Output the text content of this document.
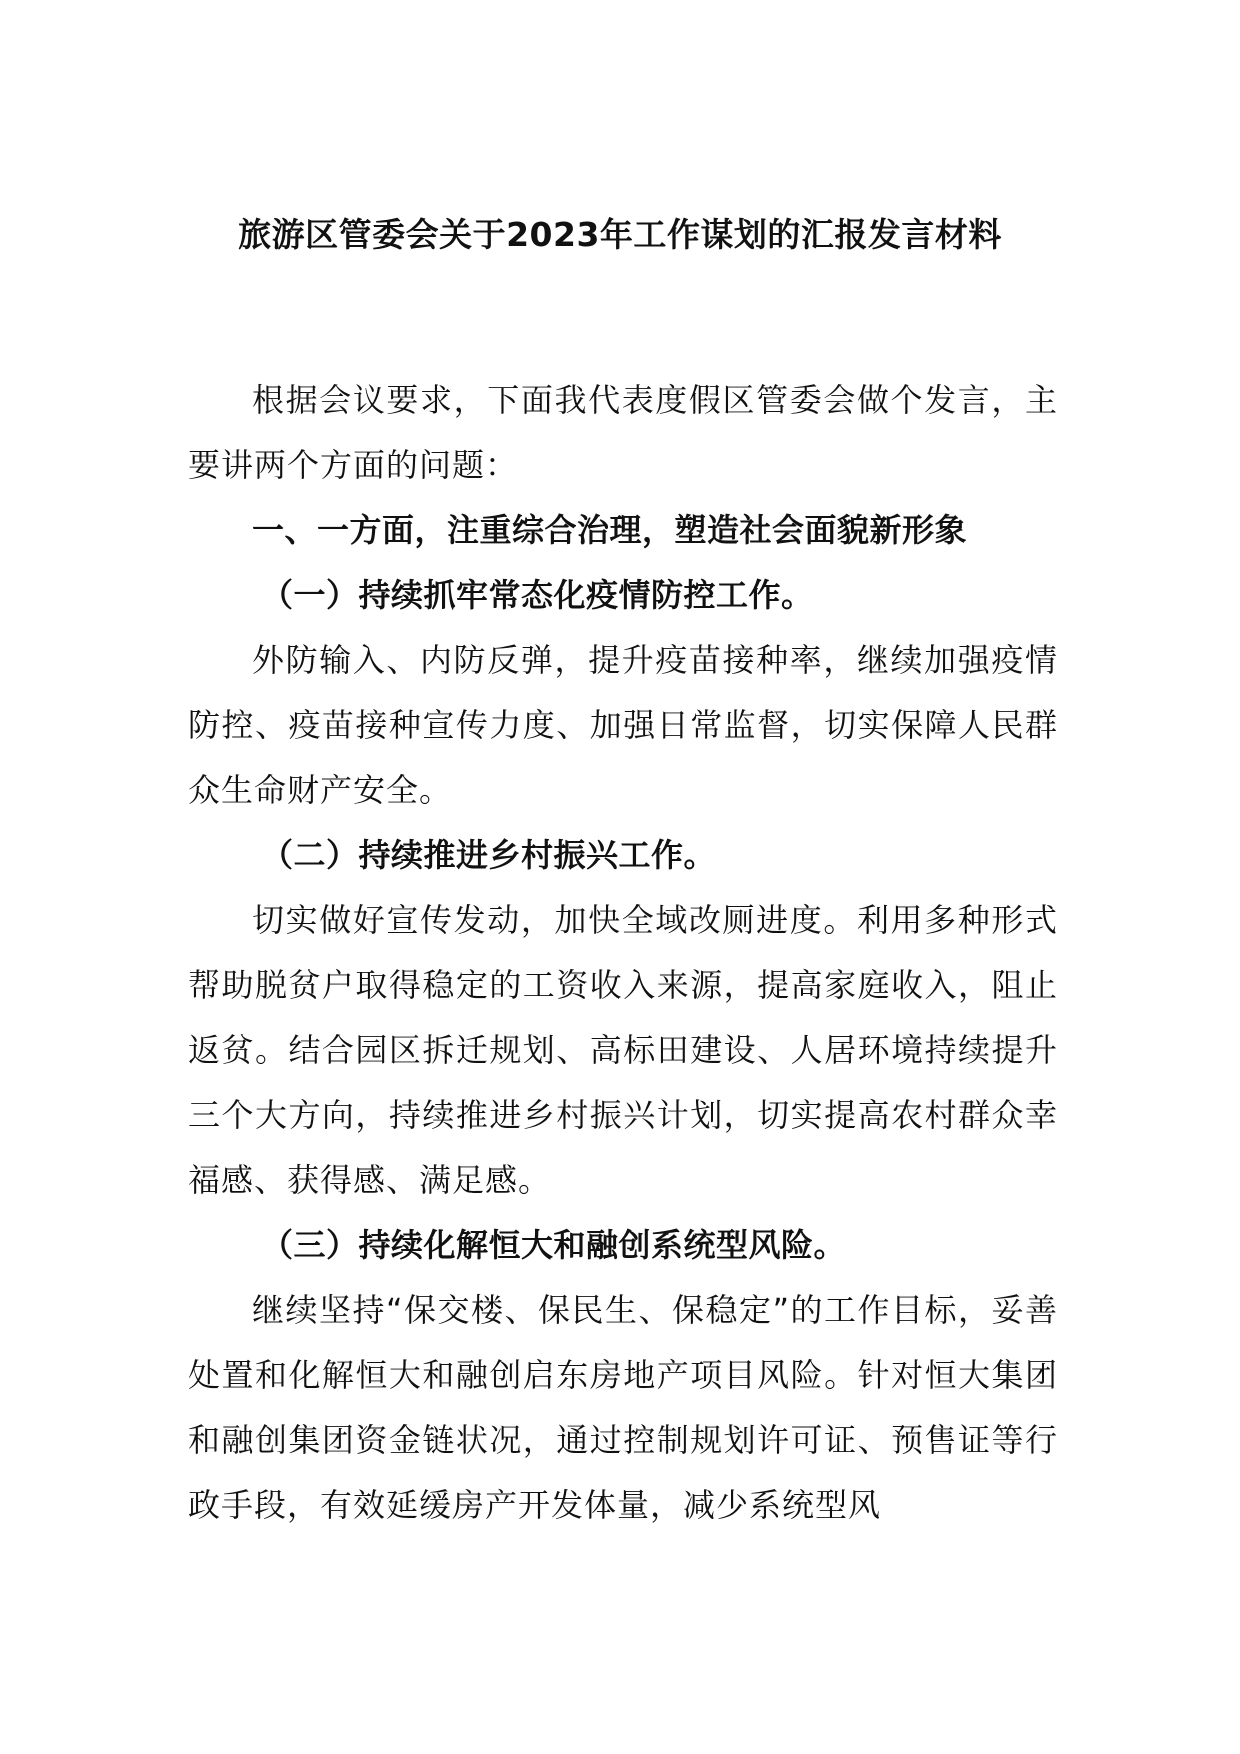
旅游区管委会关于2023年工作谋划的汇报发言材料

根据会议要求，下面我代表度假区管委会做个发言，主要讲两个方面的问题：

一、一方面，注重综合治理，塑造社会面貌新形象

（一）持续抓牢常态化疫情防控工作。

外防输入、内防反弹，提升疫苗接种率，继续加强疫情防控、疫苗接种宣传力度、加强日常监督，切实保障人民群众生命财产安全。

（二）持续推进乡村振兴工作。

切实做好宣传发动，加快全域改厕进度。利用多种形式帮助脱贫户取得稳定的工资收入来源，提高家庭收入，阻止返贫。结合园区拆迁规划、高标田建设、人居环境持续提升三个大方向，持续推进乡村振兴计划，切实提高农村群众幸福感、获得感、满足感。

（三）持续化解恒大和融创系统型风险。

继续坚持“保交楼、保民生、保稳定”的工作目标，妥善处置和化解恒大和融创启东房地产项目风险。针对恒大集团和融创集团资金链状况，通过控制规划许可证、预售证等行政手段，有效延缓房产开发体量，减少系统型风
